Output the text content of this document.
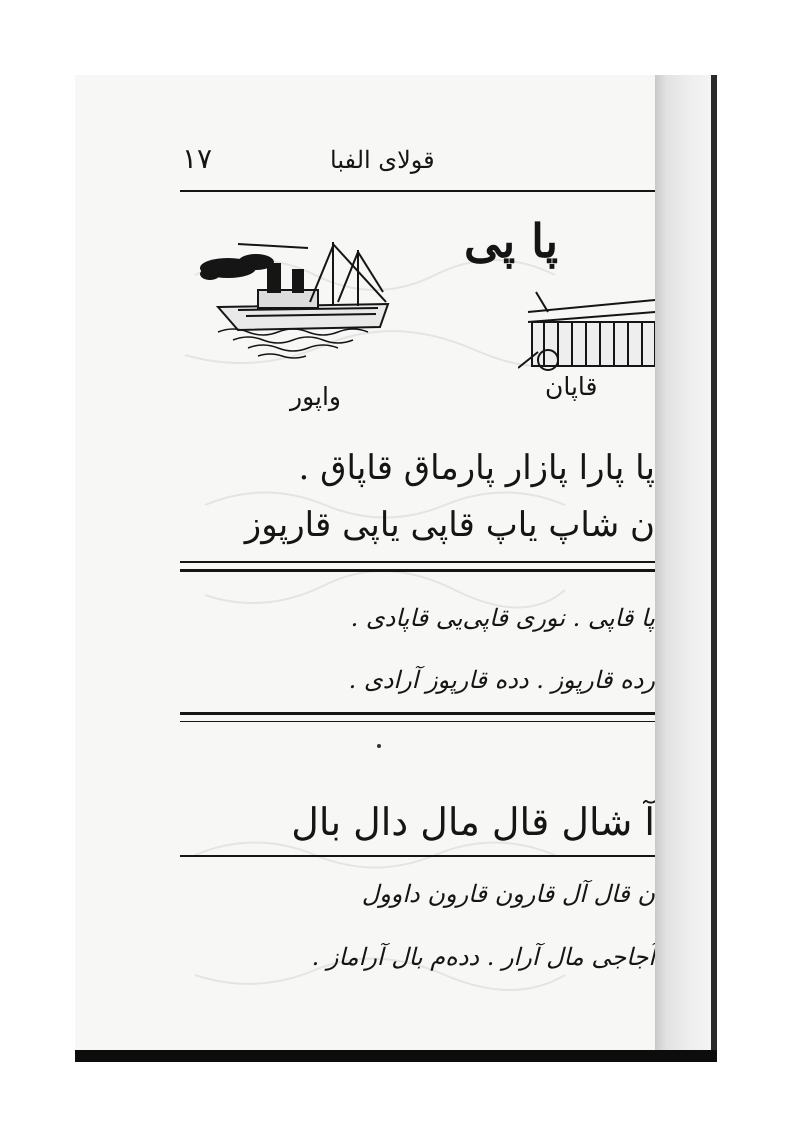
١٧	قولای الفبا
پا پی
واپور	قاپان
پا پارا پازار پارماق قاپاق .
ن شاپ یاپ قاپی یاپی قارپوز
پا قاپی . نوری قاپی‌یی قاپادی .
رده قارپوز . دده قارپوز آرادی .
آ شال قال مال دال بال
ن قال آل قارون قارون داوول
آجاجی مال آرار . دده‌م بال آراماز .
